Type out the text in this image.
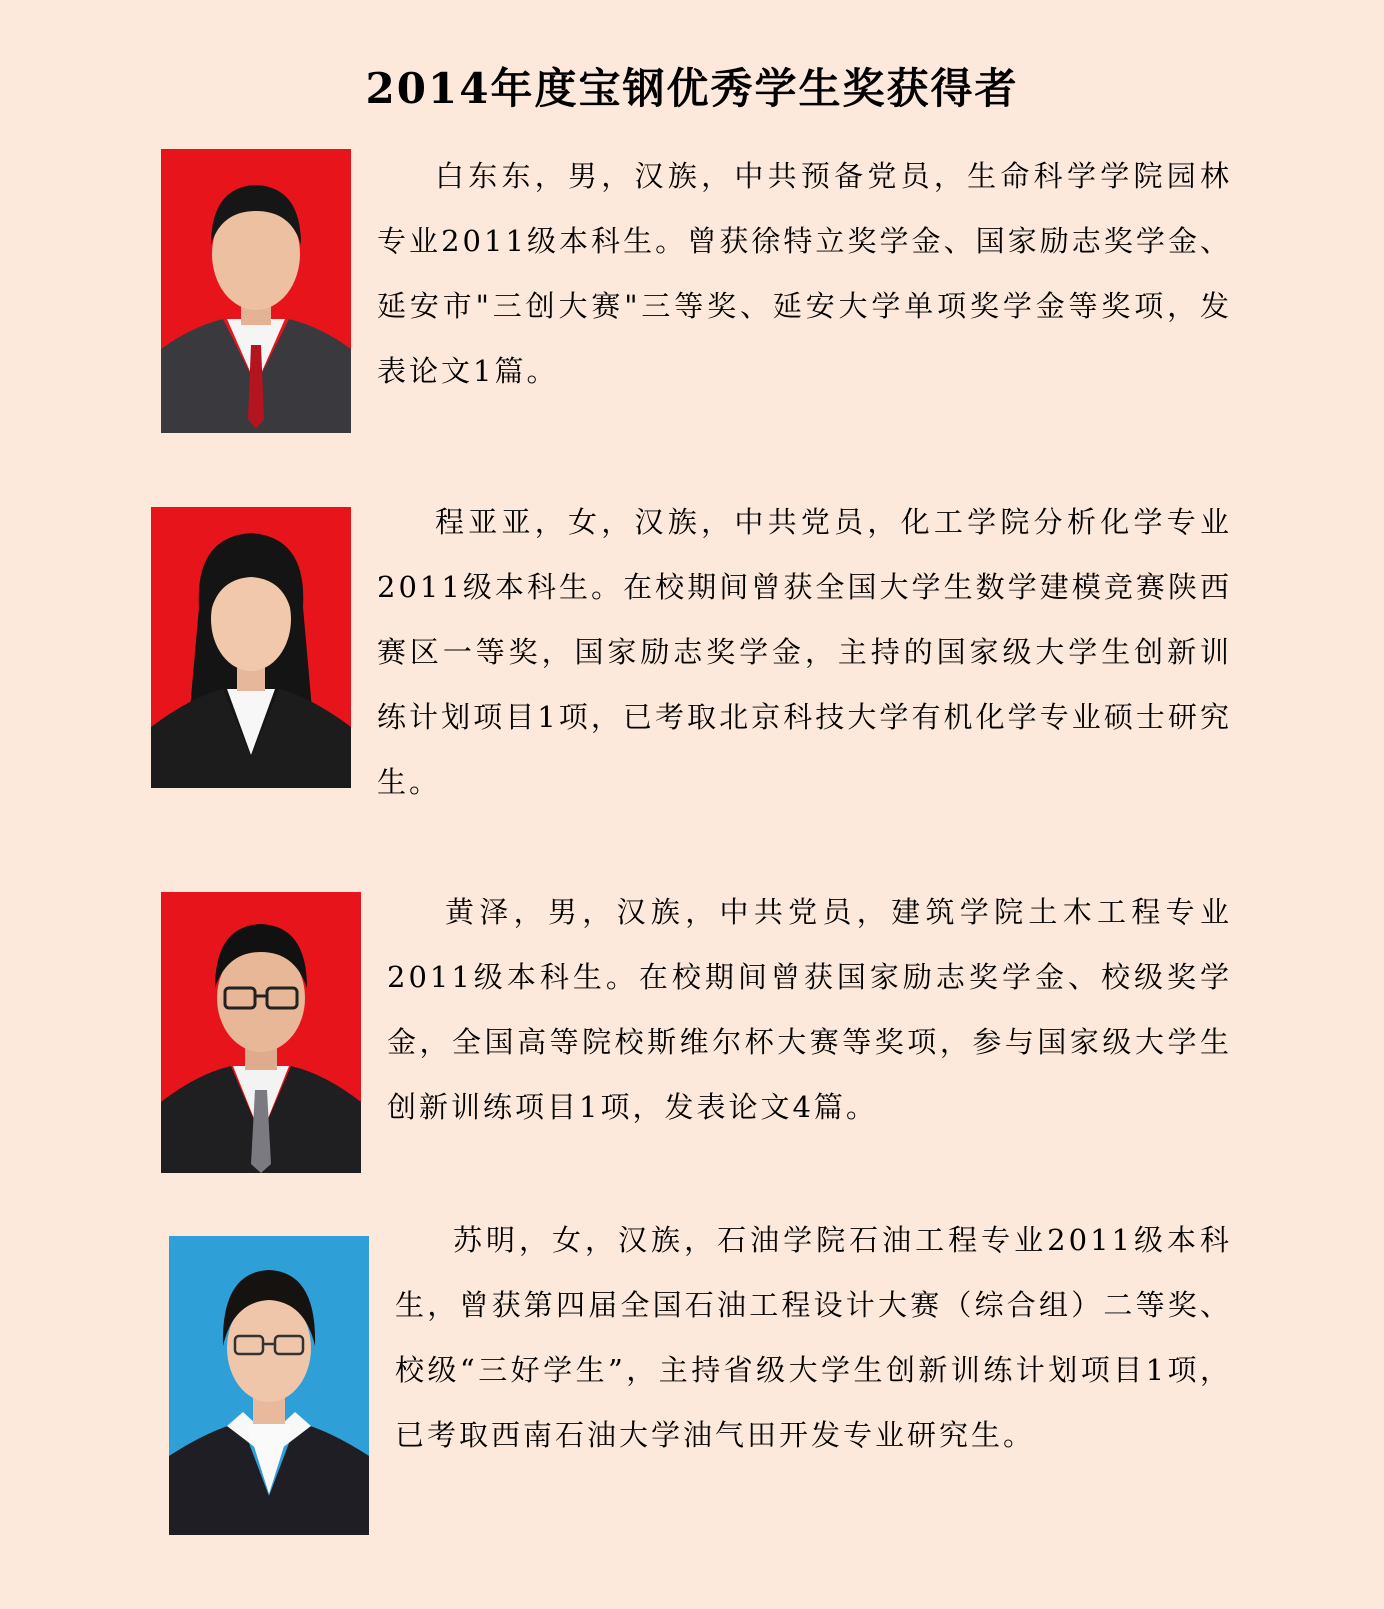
2014年度宝钢优秀学生奖获得者

白东东，男，汉族，中共预备党员，生命科学学院园林专业2011级本科生。曾获徐特立奖学金、国家励志奖学金、延安市"三创大赛"三等奖、延安大学单项奖学金等奖项，发表论文1篇。

程亚亚，女，汉族，中共党员，化工学院分析化学专业2011级本科生。在校期间曾获全国大学生数学建模竞赛陕西赛区一等奖，国家励志奖学金，主持的国家级大学生创新训练计划项目1项，已考取北京科技大学有机化学专业硕士研究生。

黄泽，男，汉族，中共党员，建筑学院土木工程专业2011级本科生。在校期间曾获国家励志奖学金、校级奖学金，全国高等院校斯维尔杯大赛等奖项，参与国家级大学生创新训练项目1项，发表论文4篇。

苏明，女，汉族，石油学院石油工程专业2011级本科生，曾获第四届全国石油工程设计大赛（综合组）二等奖、校级“三好学生”，主持省级大学生创新训练计划项目1项，已考取西南石油大学油气田开发专业研究生。
